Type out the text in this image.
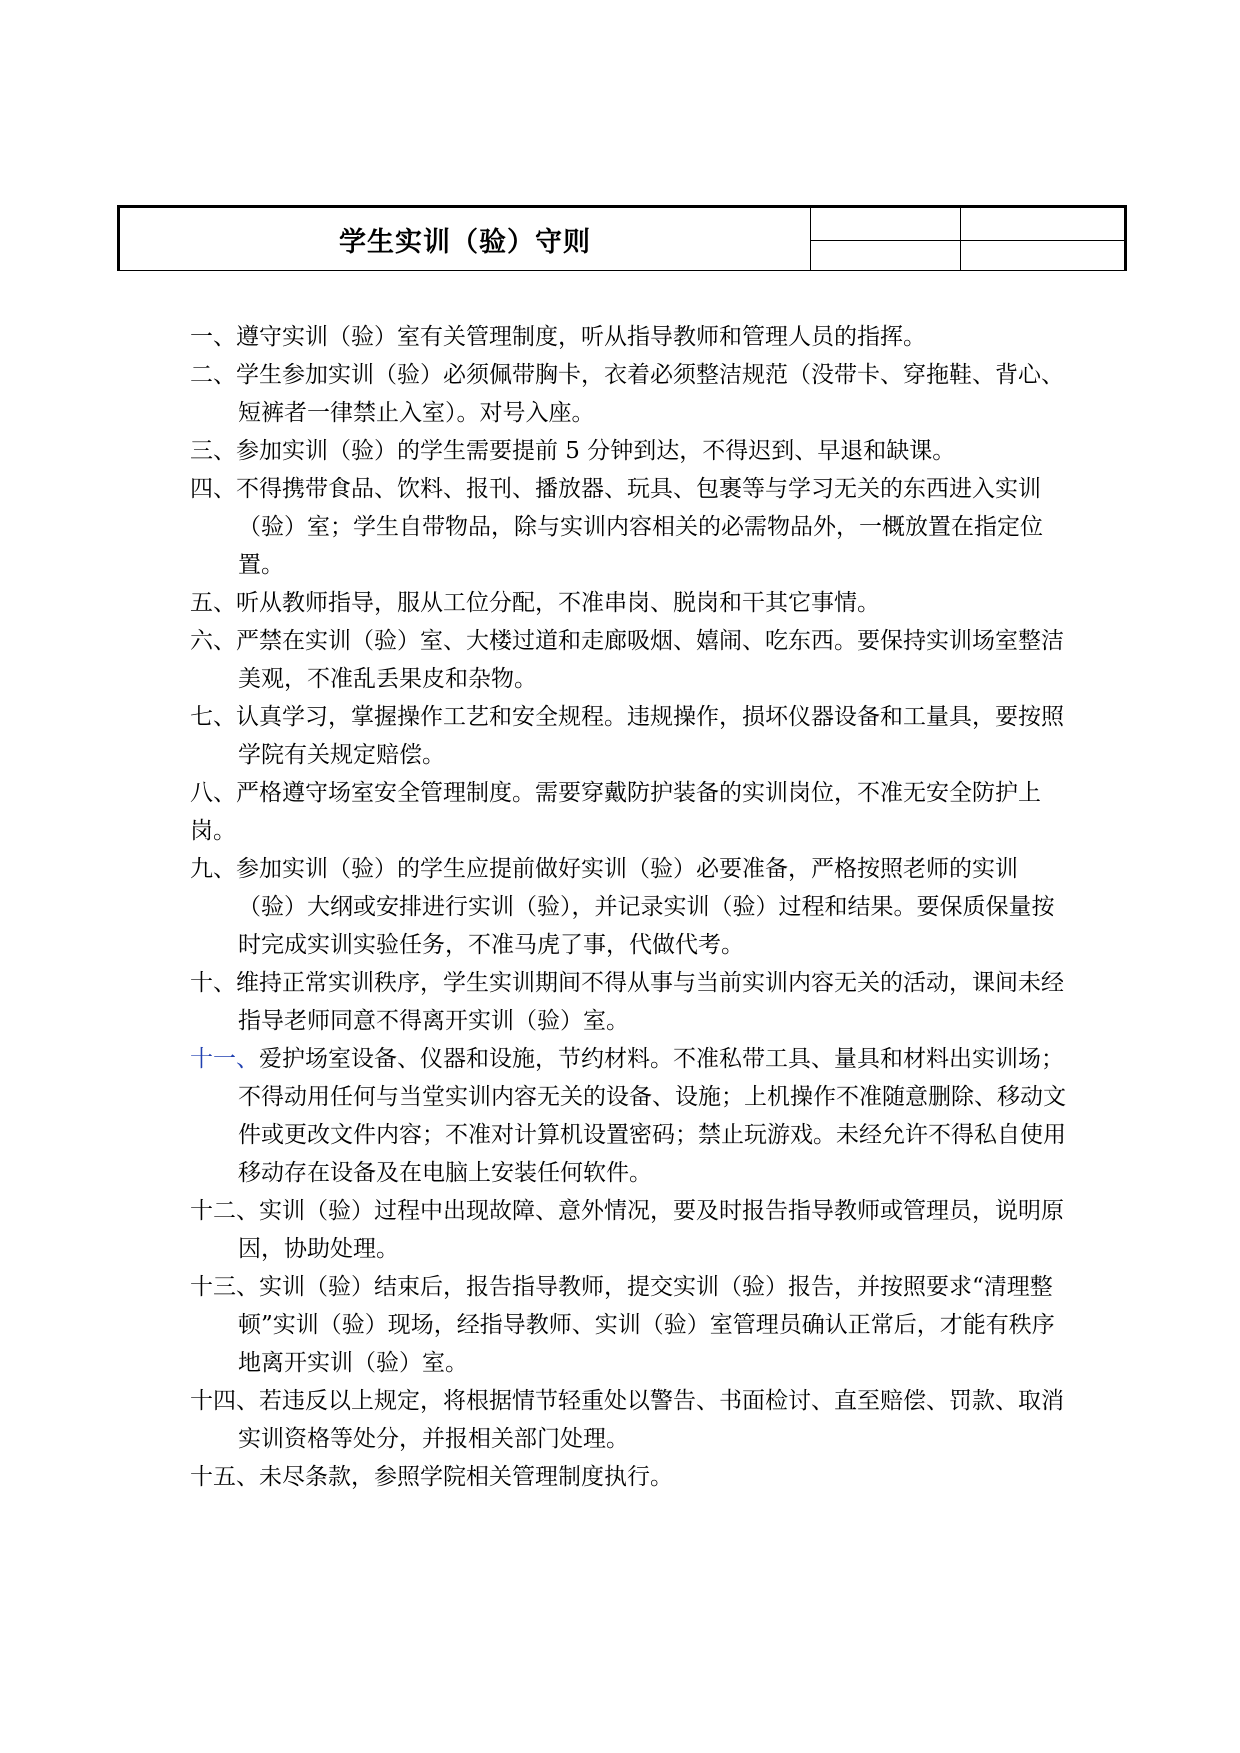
学生实训（验）守则

一、遵守实训（验）室有关管理制度，听从指导教师和管理人员的指挥。

二、学生参加实训（验）必须佩带胸卡，衣着必须整洁规范（没带卡、穿拖鞋、背心、

短裤者一律禁止入室）。对号入座。

三、参加实训（验）的学生需要提前 5 分钟到达，不得迟到、早退和缺课。

四、不得携带食品、饮料、报刊、播放器、玩具、包裹等与学习无关的东西进入实训（验）室；学生自带物品，除与实训内容相关的必需物品外，一概放置在指定位置。

五、听从教师指导，服从工位分配，不准串岗、脱岗和干其它事情。

六、严禁在实训（验）室、大楼过道和走廊吸烟、嬉闹、吃东西。要保持实训场室整洁美观，不准乱丢果皮和杂物。

七、认真学习，掌握操作工艺和安全规程。违规操作，损坏仪器设备和工量具，要按照学院有关规定赔偿。

八、严格遵守场室安全管理制度。需要穿戴防护装备的实训岗位，不准无安全防护上岗。

九、参加实训（验）的学生应提前做好实训（验）必要准备，严格按照老师的实训（验）大纲或安排进行实训（验），并记录实训（验）过程和结果。要保质保量按时完成实训实验任务，不准马虎了事，代做代考。

十、维持正常实训秩序，学生实训期间不得从事与当前实训内容无关的活动，课间未经指导老师同意不得离开实训（验）室。

十一、爱护场室设备、仪器和设施，节约材料。不准私带工具、量具和材料出实训场；不得动用任何与当堂实训内容无关的设备、设施；上机操作不准随意删除、移动文件或更改文件内容；不准对计算机设置密码；禁止玩游戏。未经允许不得私自使用移动存在设备及在电脑上安装任何软件。

十二、实训（验）过程中出现故障、意外情况，要及时报告指导教师或管理员，说明原因，协助处理。

十三、实训（验）结束后，报告指导教师，提交实训（验）报告，并按照要求“清理整顿”实训（验）现场，经指导教师、实训（验）室管理员确认正常后，才能有秩序地离开实训（验）室。

十四、若违反以上规定，将根据情节轻重处以警告、书面检讨、直至赔偿、罚款、取消实训资格等处分，并报相关部门处理。

十五、未尽条款，参照学院相关管理制度执行。
